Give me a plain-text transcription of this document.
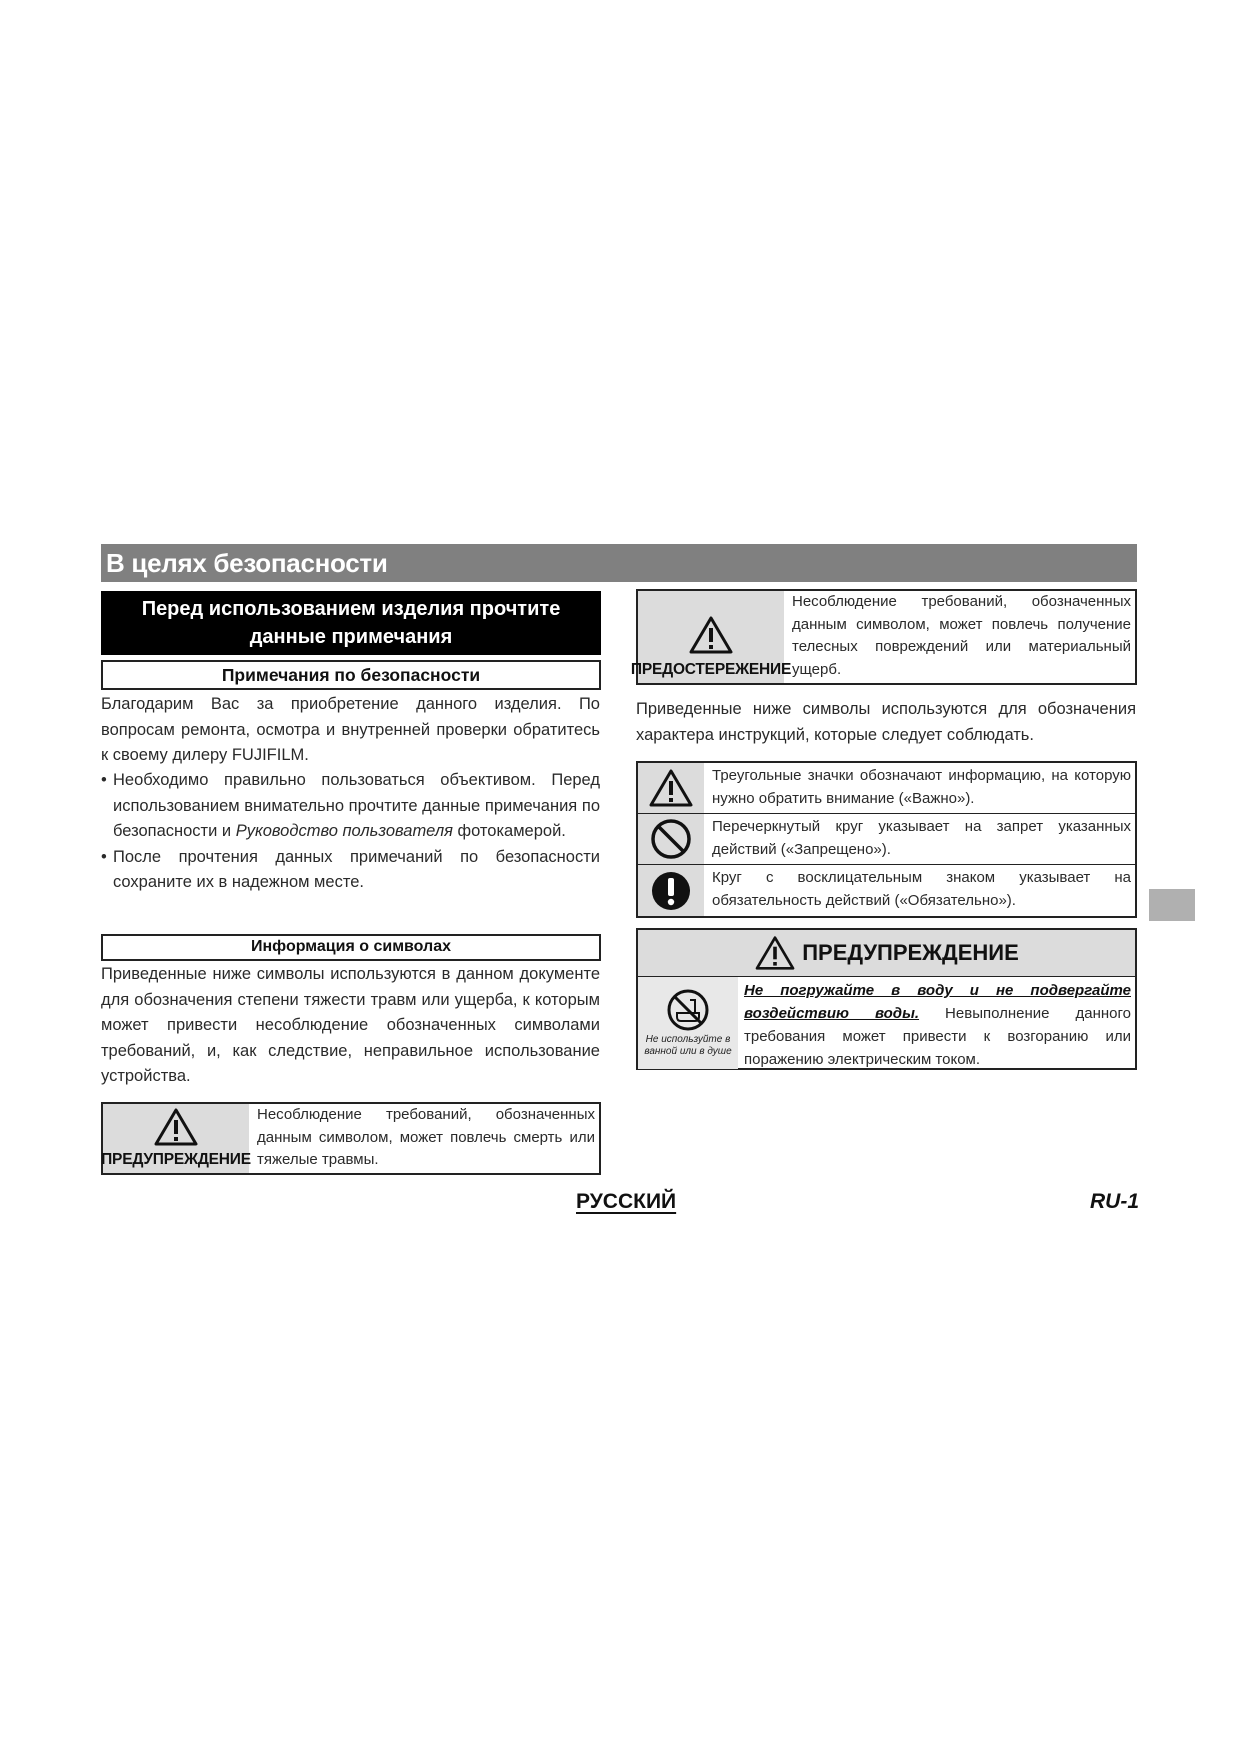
В целях безопасности
Перед использованием изделия прочтите данные примечания
Примечания по безопасности
Благодарим Вас за приобретение данного изделия. По вопросам ремонта, осмотра и внутренней проверки обратитесь к своему дилеру FUJIFILM.
• Необходимо правильно пользоваться объективом. Перед использованием внимательно прочтите данные примечания по безопасности и Руководство пользователя фотокамерой.
• После прочтения данных примечаний по безопасности сохраните их в надежном месте.
Информация о символах
Приведенные ниже символы используются в данном документе для обозначения степени тяжести травм или ущерба, к которым может привести несоблюдение обозначенных символами требований, и, как следствие, неправильное использование устройства.
ПРЕДУПРЕЖДЕНИЕ
Несоблюдение требований, обозначенных данным символом, может повлечь смерть или тяжелые травмы.
ПРЕДОСТЕРЕЖЕНИЕ
Несоблюдение требований, обозначенных данным символом, может повлечь получение телесных повреждений или материальный ущерб.
Приведенные ниже символы используются для обозначения характера инструкций, которые следует соблюдать.
Треугольные значки обозначают информацию, на которую нужно обратить внимание («Важно»).
Перечеркнутый круг указывает на запрет указанных действий («Запрещено»).
Круг с восклицательным знаком указывает на обязательность действий («Обязательно»).
ПРЕДУПРЕЖДЕНИЕ
Не используйте в ванной или в душе
Не погружайте в воду и не подвергайте воздействию воды. Невыполнение данного требования может привести к возгоранию или поражению электрическим током.
РУССКИЙ	RU-1
